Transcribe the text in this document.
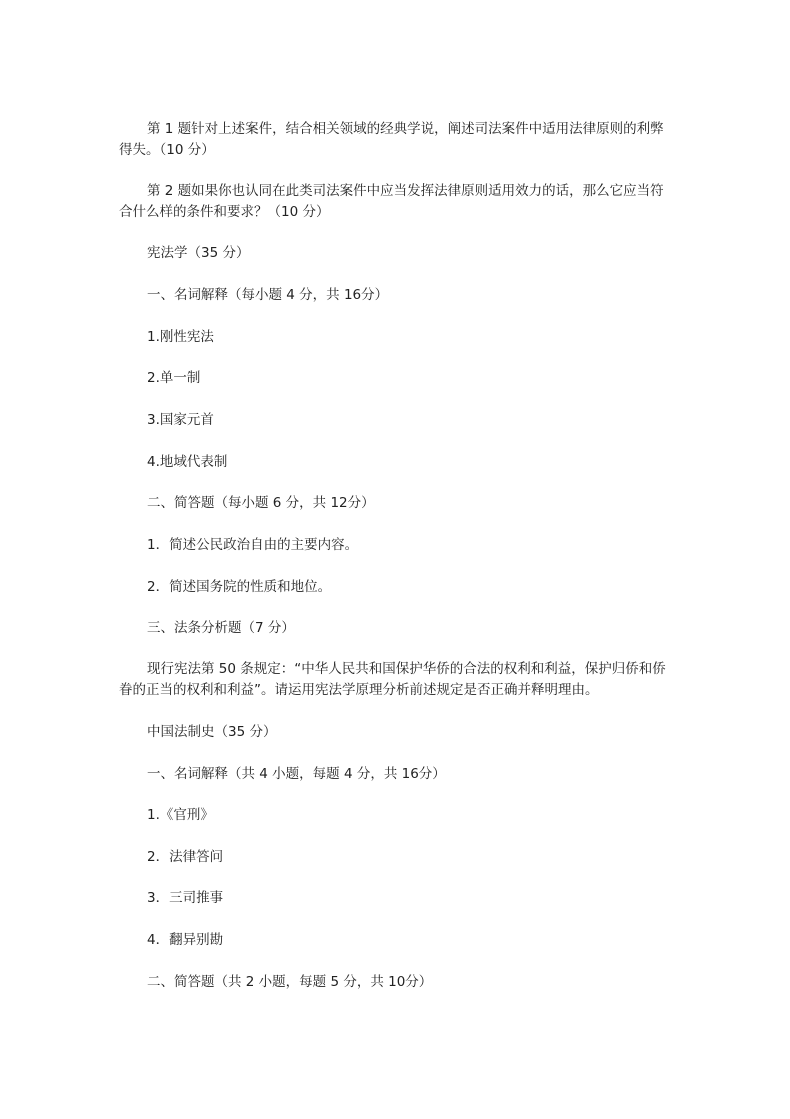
第 1 题针对上述案件，结合相关领域的经典学说，阐述司法案件中适用法律原则的利弊得失。（10 分）

第 2 题如果你也认同在此类司法案件中应当发挥法律原则适用效力的话，那么它应当符合什么样的条件和要求？（10 分）

宪法学（35 分）

一、名词解释（每小题 4 分，共 16分）

1.刚性宪法

2.单一制

3.国家元首

4.地域代表制

二、简答题（每小题 6 分，共 12分）

1．简述公民政治自由的主要内容。

2．简述国务院的性质和地位。

三、法条分析题（7 分）

现行宪法第 50 条规定：“中华人民共和国保护华侨的合法的权利和利益，保护归侨和侨眷的正当的权利和利益”。请运用宪法学原理分析前述规定是否正确并释明理由。

中国法制史（35 分）

一、名词解释（共 4 小题，每题 4 分，共 16分）

1.《官刑》

2．法律答问

3．三司推事

4．翻异别勘

二、简答题（共 2 小题，每题 5 分，共 10分）
